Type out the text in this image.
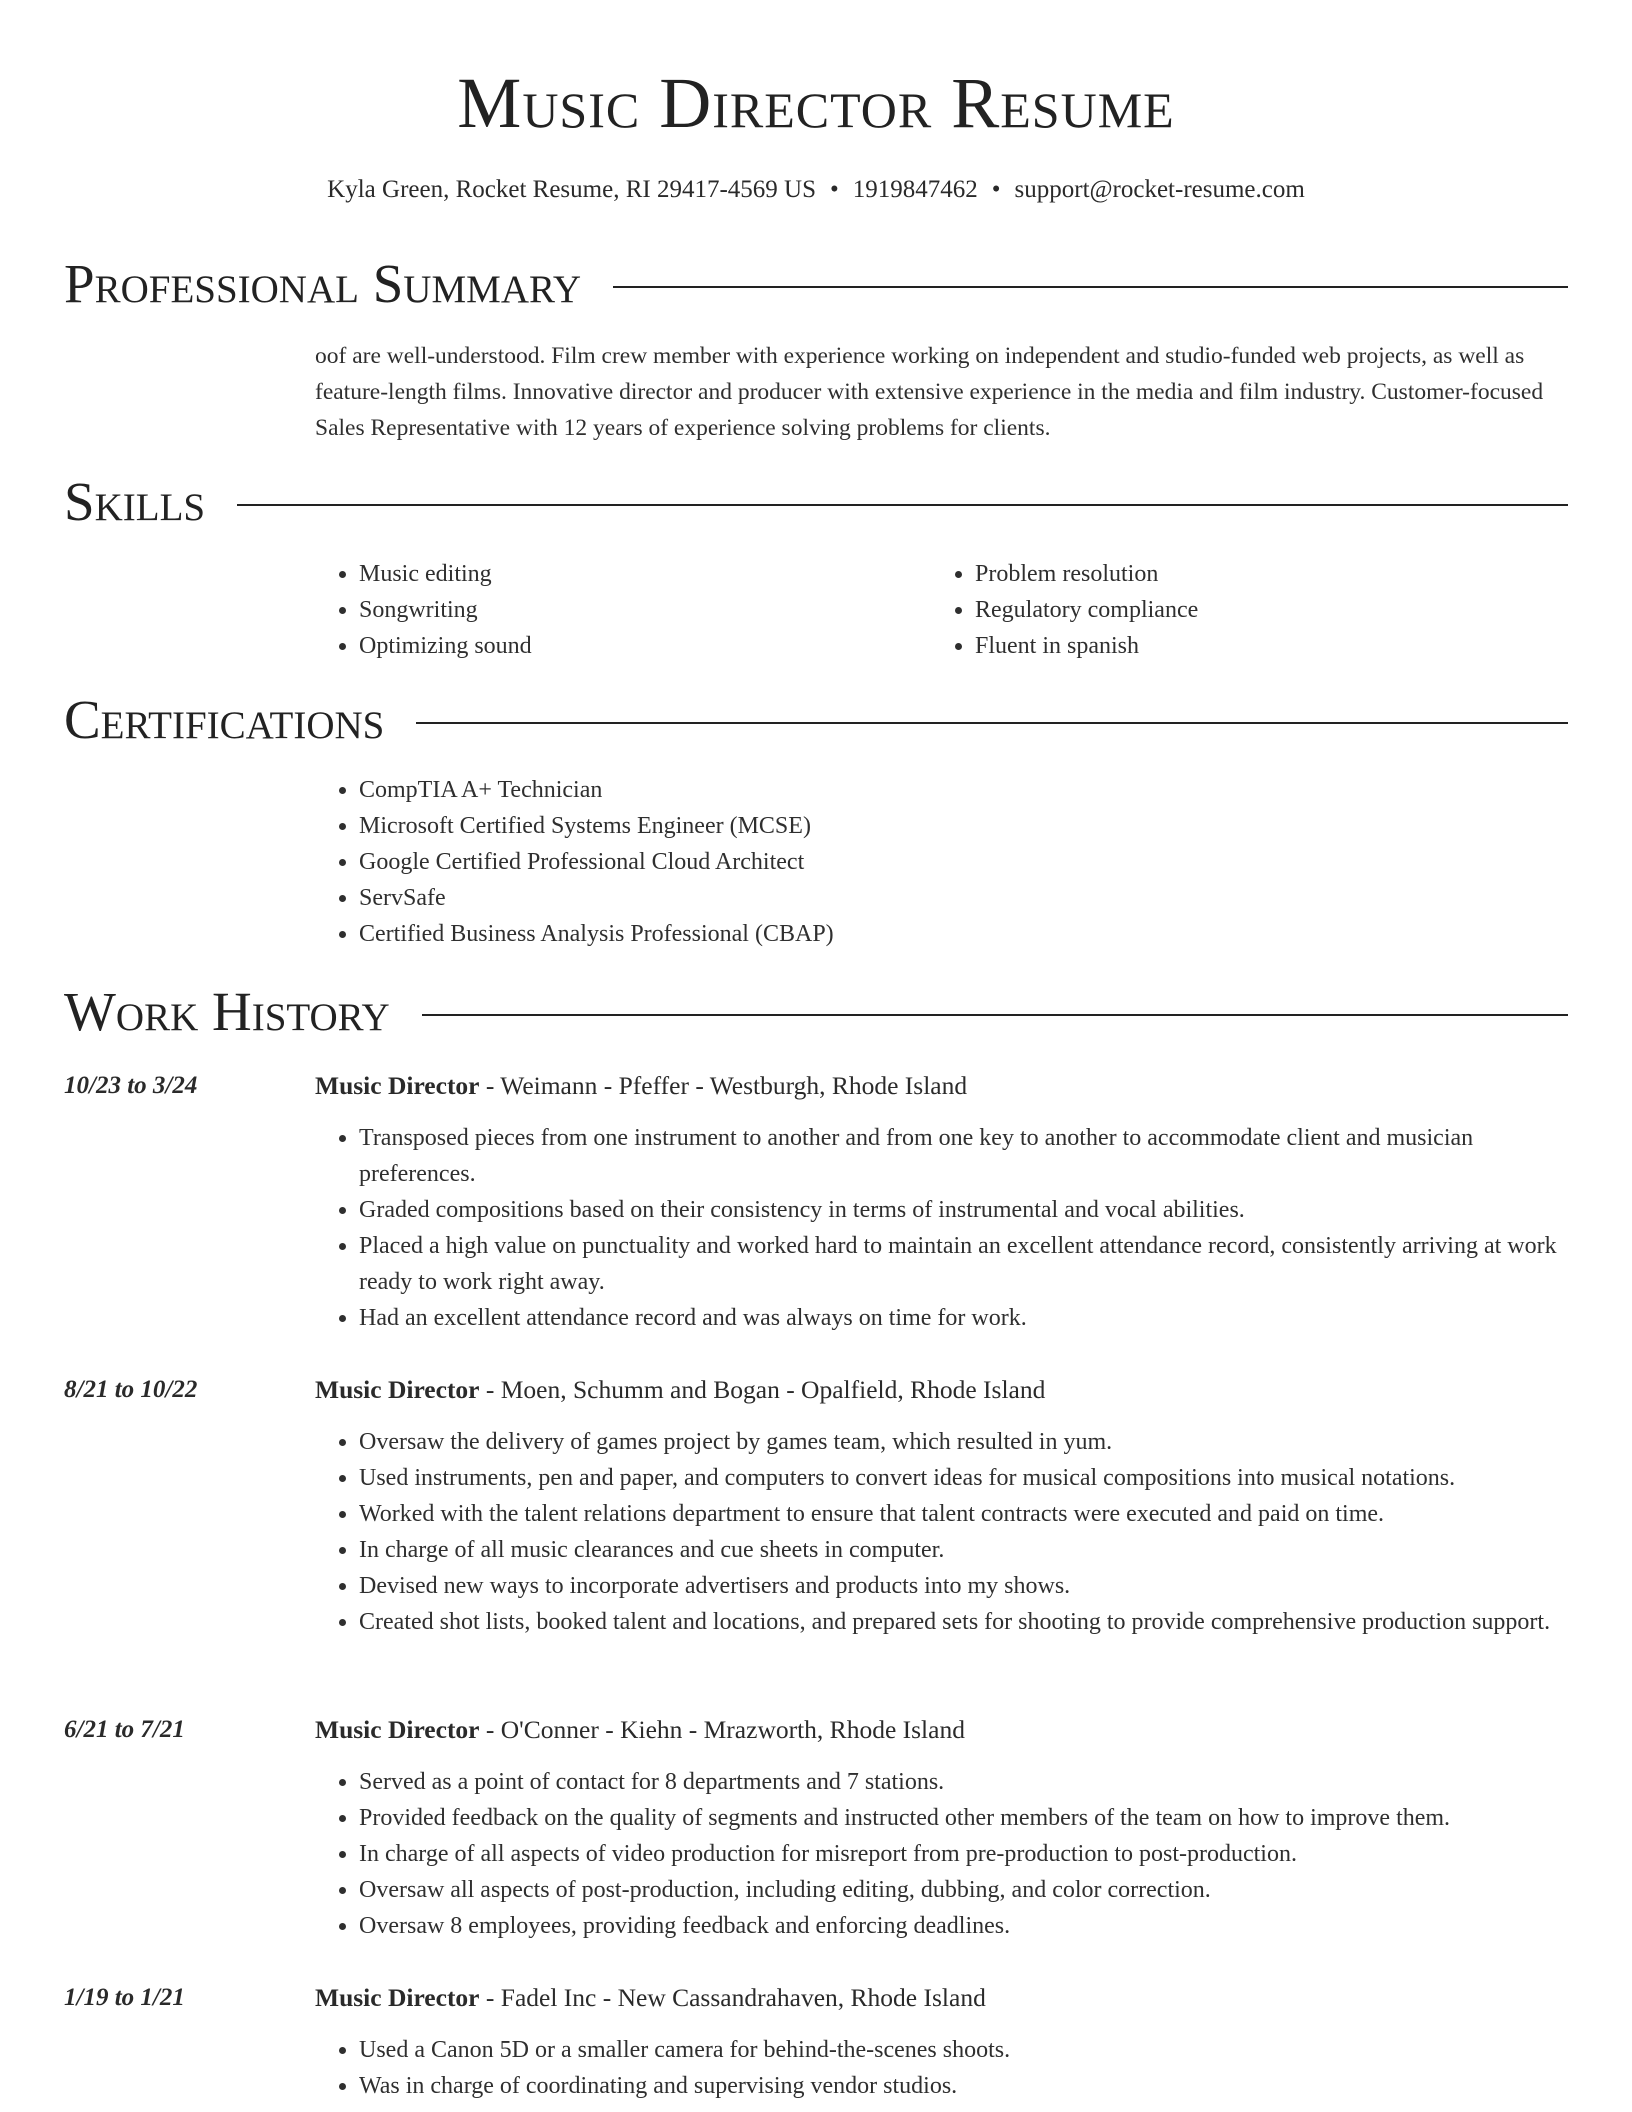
Music Director Resume
Kyla Green, Rocket Resume, RI 29417-4569 US • 1919847462 • support@rocket-resume.com
Professional Summary
oof are well-understood. Film crew member with experience working on independent and studio-funded web projects, as well as feature-length films. Innovative director and producer with extensive experience in the media and film industry. Customer-focused Sales Representative with 12 years of experience solving problems for clients.
Skills
• Music editing
• Songwriting
• Optimizing sound
• Problem resolution
• Regulatory compliance
• Fluent in spanish
Certifications
• CompTIA A+ Technician
• Microsoft Certified Systems Engineer (MCSE)
• Google Certified Professional Cloud Architect
• ServSafe
• Certified Business Analysis Professional (CBAP)
Work History
10/23 to 3/24	Music Director - Weimann - Pfeffer - Westburgh, Rhode Island
• Transposed pieces from one instrument to another and from one key to another to accommodate client and musician preferences.
• Graded compositions based on their consistency in terms of instrumental and vocal abilities.
• Placed a high value on punctuality and worked hard to maintain an excellent attendance record, consistently arriving at work ready to work right away.
• Had an excellent attendance record and was always on time for work.
8/21 to 10/22	Music Director - Moen, Schumm and Bogan - Opalfield, Rhode Island
• Oversaw the delivery of games project by games team, which resulted in yum.
• Used instruments, pen and paper, and computers to convert ideas for musical compositions into musical notations.
• Worked with the talent relations department to ensure that talent contracts were executed and paid on time.
• In charge of all music clearances and cue sheets in computer.
• Devised new ways to incorporate advertisers and products into my shows.
• Created shot lists, booked talent and locations, and prepared sets for shooting to provide comprehensive production support.
6/21 to 7/21	Music Director - O'Conner - Kiehn - Mrazworth, Rhode Island
• Served as a point of contact for 8 departments and 7 stations.
• Provided feedback on the quality of segments and instructed other members of the team on how to improve them.
• In charge of all aspects of video production for misreport from pre-production to post-production.
• Oversaw all aspects of post-production, including editing, dubbing, and color correction.
• Oversaw 8 employees, providing feedback and enforcing deadlines.
1/19 to 1/21	Music Director - Fadel Inc - New Cassandrahaven, Rhode Island
• Used a Canon 5D or a smaller camera for behind-the-scenes shoots.
• Was in charge of coordinating and supervising vendor studios.
